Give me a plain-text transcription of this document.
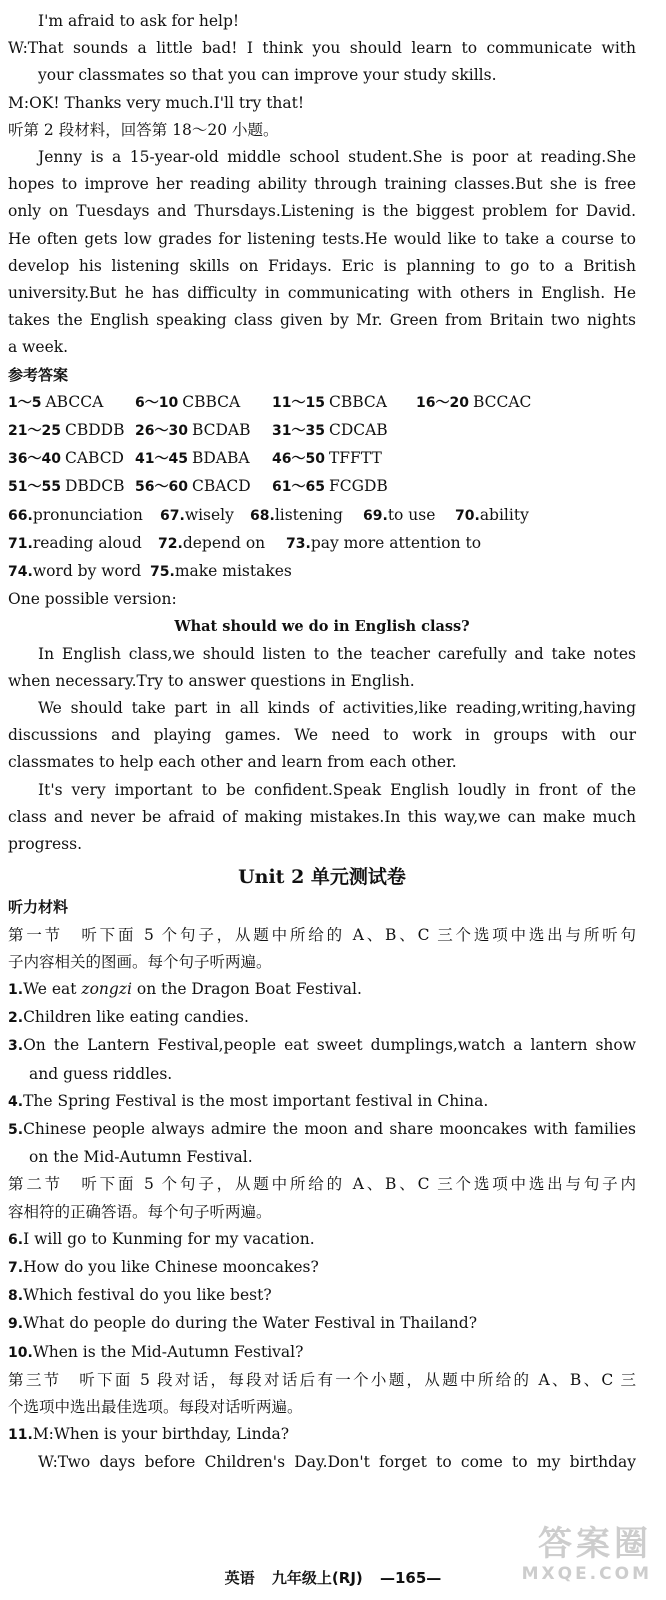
I'm afraid to ask for help!
W:That sounds a little bad! I think you should learn to communicate with
your classmates so that you can improve your study skills.
M:OK! Thanks very much.I'll try that!
听第 2 段材料，回答第 18～20 小题。
Jenny is a 15-year-old middle school student.She is poor at reading.She
hopes to improve her reading ability through training classes.But she is free
only on Tuesdays and Thursdays.Listening is the biggest problem for David.
He often gets low grades for listening tests.He would like to take a course to
develop his listening skills on Fridays. Eric is planning to go to a British
university.But he has difficulty in communicating with others in English. He
takes the English speaking class given by Mr. Green from Britain two nights
a week.
参考答案
1～5 ABCCA	6～10 CBBCA	11～15 CBBCA	16～20 BCCAC
21～25 CBDDB 26～30 BCDAB	31～35 CDCAB
36～40 CABCD 41～45 BDABA	46～50 TFFTT
51～55 DBDCB 56～60 CBACD	61～65 FCGDB
66.pronunciation	67.wisely	68.listening	69.to use	70.ability
71.reading aloud	72.depend on	73.pay more attention to
74.word by word 75.make mistakes
One possible version:
What should we do in English class?
In English class,we should listen to the teacher carefully and take notes
when necessary.Try to answer questions in English.
We should take part in all kinds of activities,like reading,writing,having
discussions and playing games. We need to work in groups with our
classmates to help each other and learn from each other.
It's very important to be confident.Speak English loudly in front of the
class and never be afraid of making mistakes.In this way,we can make much
progress.
Unit 2 单元测试卷
听力材料
第一节　听下面 5 个句子，从题中所给的 A、B、C 三个选项中选出与所听句
子内容相关的图画。每个句子听两遍。
1.We eat zongzi on the Dragon Boat Festival.
2.Children like eating candies.
3.On the Lantern Festival,people eat sweet dumplings,watch a lantern show
and guess riddles.
4.The Spring Festival is the most important festival in China.
5.Chinese people always admire the moon and share mooncakes with families
on the Mid-Autumn Festival.
第二节　听下面 5 个句子，从题中所给的 A、B、C 三个选项中选出与句子内
容相符的正确答语。每个句子听两遍。
6.I will go to Kunming for my vacation.
7.How do you like Chinese mooncakes?
8.Which festival do you like best?
9.What do people do during the Water Festival in Thailand?
10.When is the Mid-Autumn Festival?
第三节　听下面 5 段对话，每段对话后有一个小题，从题中所给的 A、B、C 三
个选项中选出最佳选项。每段对话听两遍。
11.M:When is your birthday, Linda?
W:Two days before Children's Day.Don't forget to come to my birthday
英语 九年级上(RJ) —165—
答案圈
MXQE.COM
